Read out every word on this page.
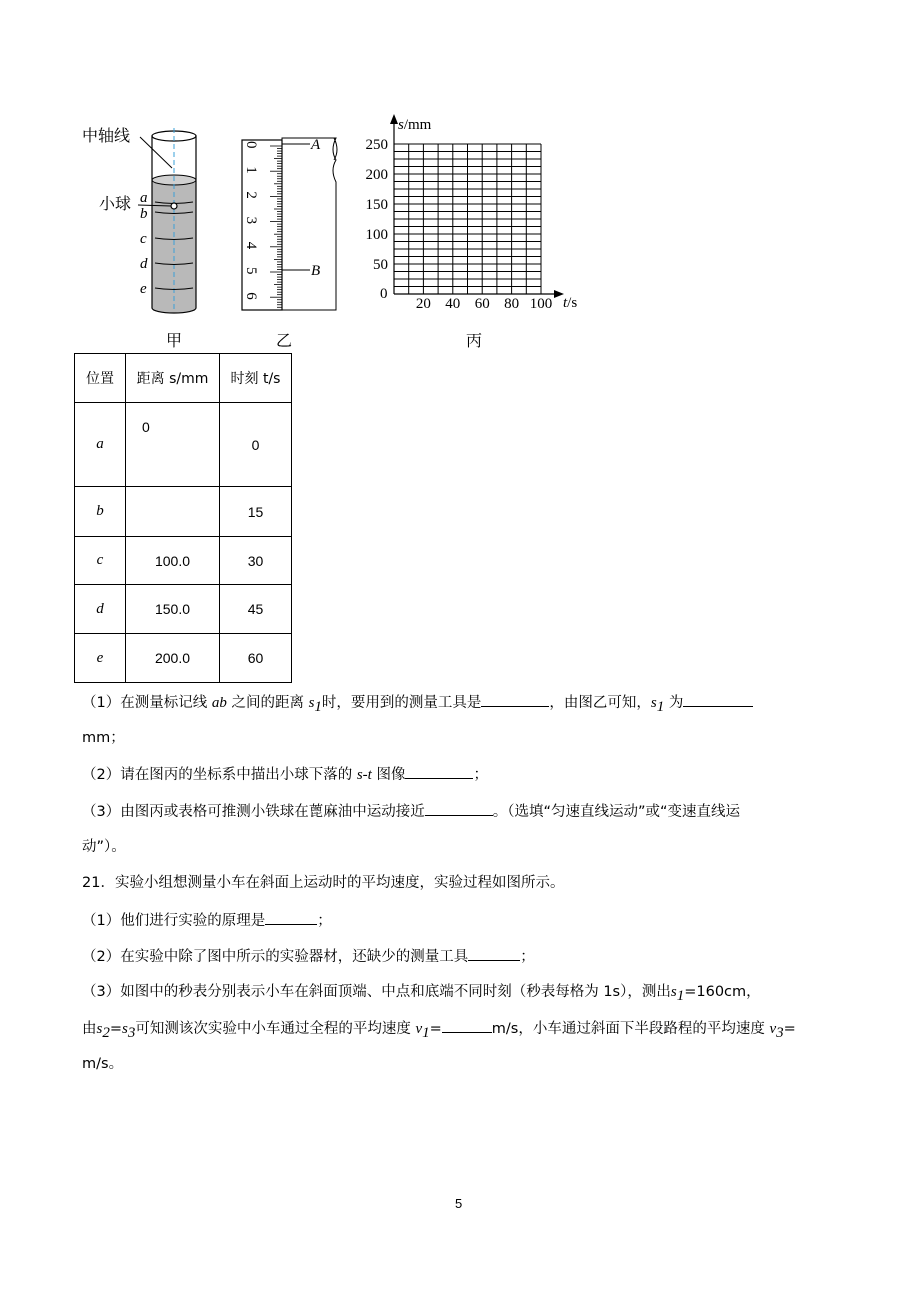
中轴线
小球 a
b
c
d
e
甲
0
1
2
3
4
5
6
A
B
乙
50
100
150
200
250
20 40 60 80 100
0
s/mm
t/s
丙
位置	距离 s/mm	时刻 t/s
a	0	0
b		15
c	100.0	30
d	150.0	45
e	200.0	60
（1）在测量标记线 ab 之间的距离 $s_1$时，要用到的测量工具是	，由图乙可知，$s_1$ 为
mm；
（2）请在图丙的坐标系中描出小球下落的 s-t 图像	；
（3）由图丙或表格可推测小铁球在蓖麻油中运动接近	。（选填“匀速直线运动”或“变速直线运
动”）。
21．实验小组想测量小车在斜面上运动时的平均速度，实验过程如图所示。
（1）他们进行实验的原理是	；
（2）在实验中除了图中所示的实验器材，还缺少的测量工具	；
（3）如图中的秒表分别表示小车在斜面顶端、中点和底端不同时刻（秒表每格为 1s），测出$s_1=160cm$，
由$s_2=s_3$可知测该次实验中小车通过全程的平均速度 $v_1=$	m/s，小车通过斜面下半段路程的平均速度 $v_3=$
m/s。
5
